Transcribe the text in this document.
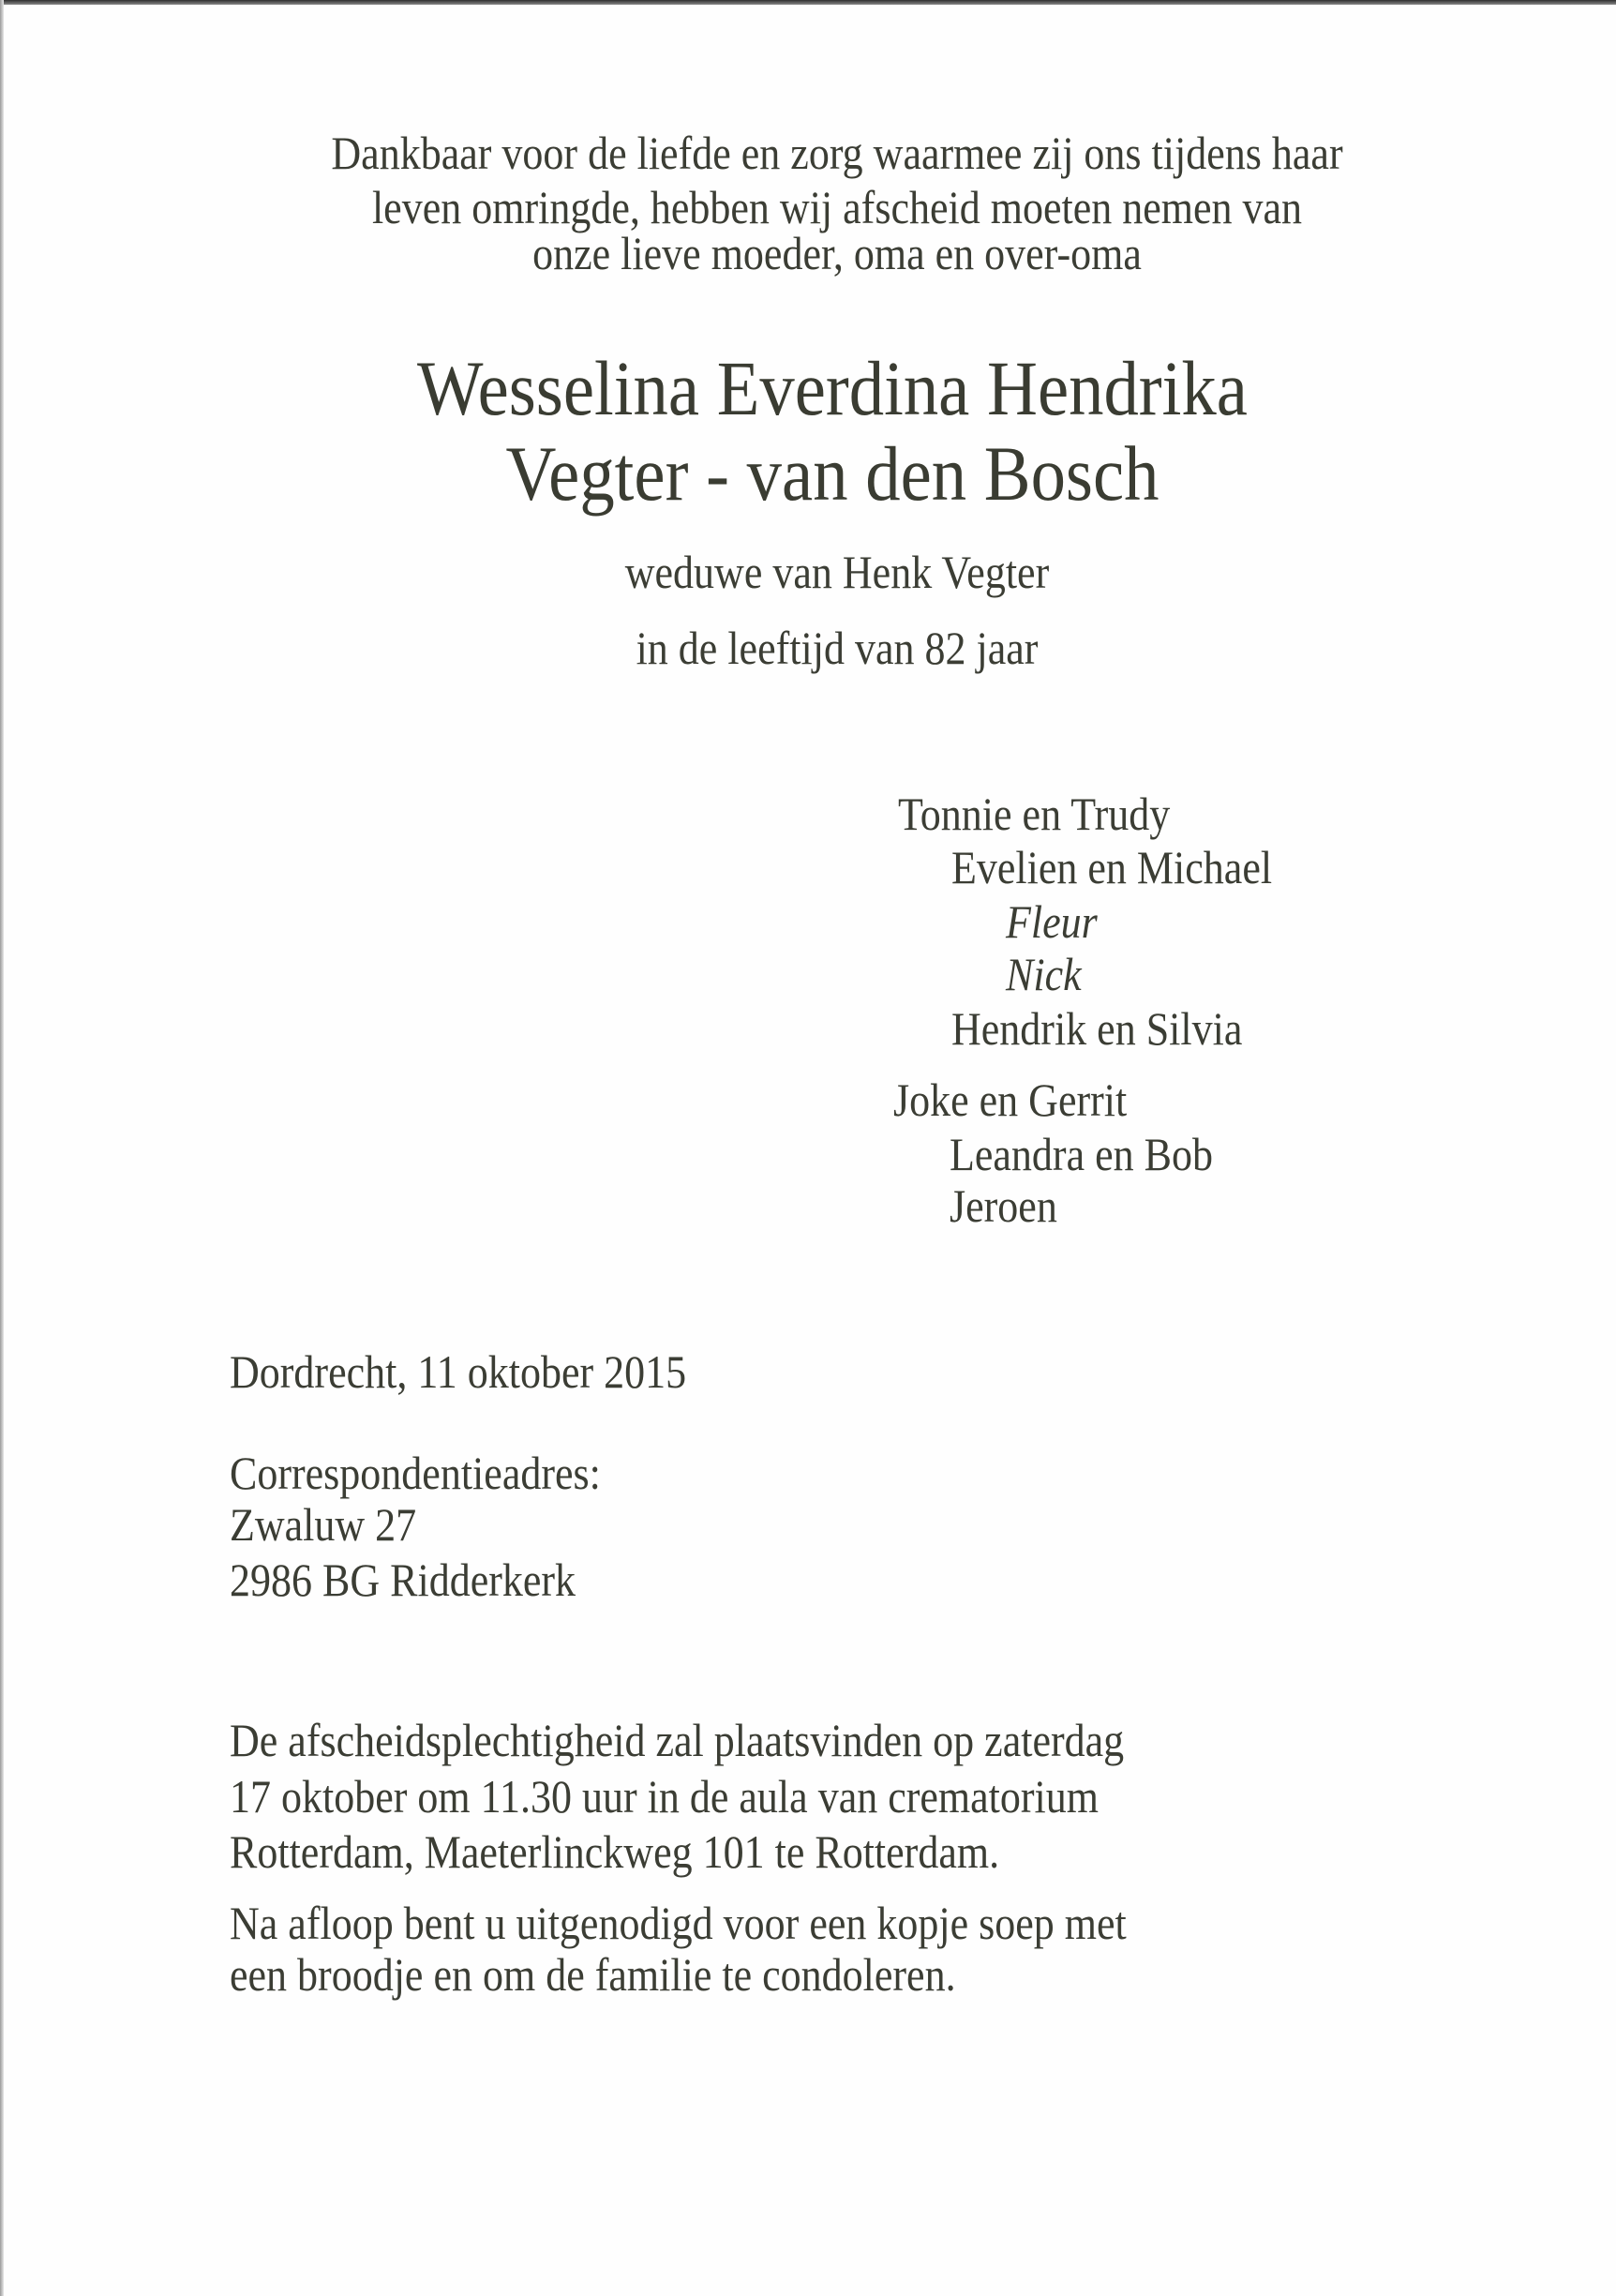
Dankbaar voor de liefde en zorg waarmee zij ons tijdens haar
leven omringde, hebben wij afscheid moeten nemen van
onze lieve moeder, oma en over-oma
Wesselina Everdina Hendrika
Vegter - van den Bosch
weduwe van Henk Vegter
in de leeftijd van 82 jaar
Tonnie en Trudy
Evelien en Michael
Fleur
Nick
Hendrik en Silvia
Joke en Gerrit
Leandra en Bob
Jeroen
Dordrecht, 11 oktober 2015
Correspondentieadres:
Zwaluw 27
2986 BG Ridderkerk
De afscheidsplechtigheid zal plaatsvinden op zaterdag
17 oktober om 11.30 uur in de aula van crematorium
Rotterdam, Maeterlinckweg 101 te Rotterdam.
Na afloop bent u uitgenodigd voor een kopje soep met
een broodje en om de familie te condoleren.
